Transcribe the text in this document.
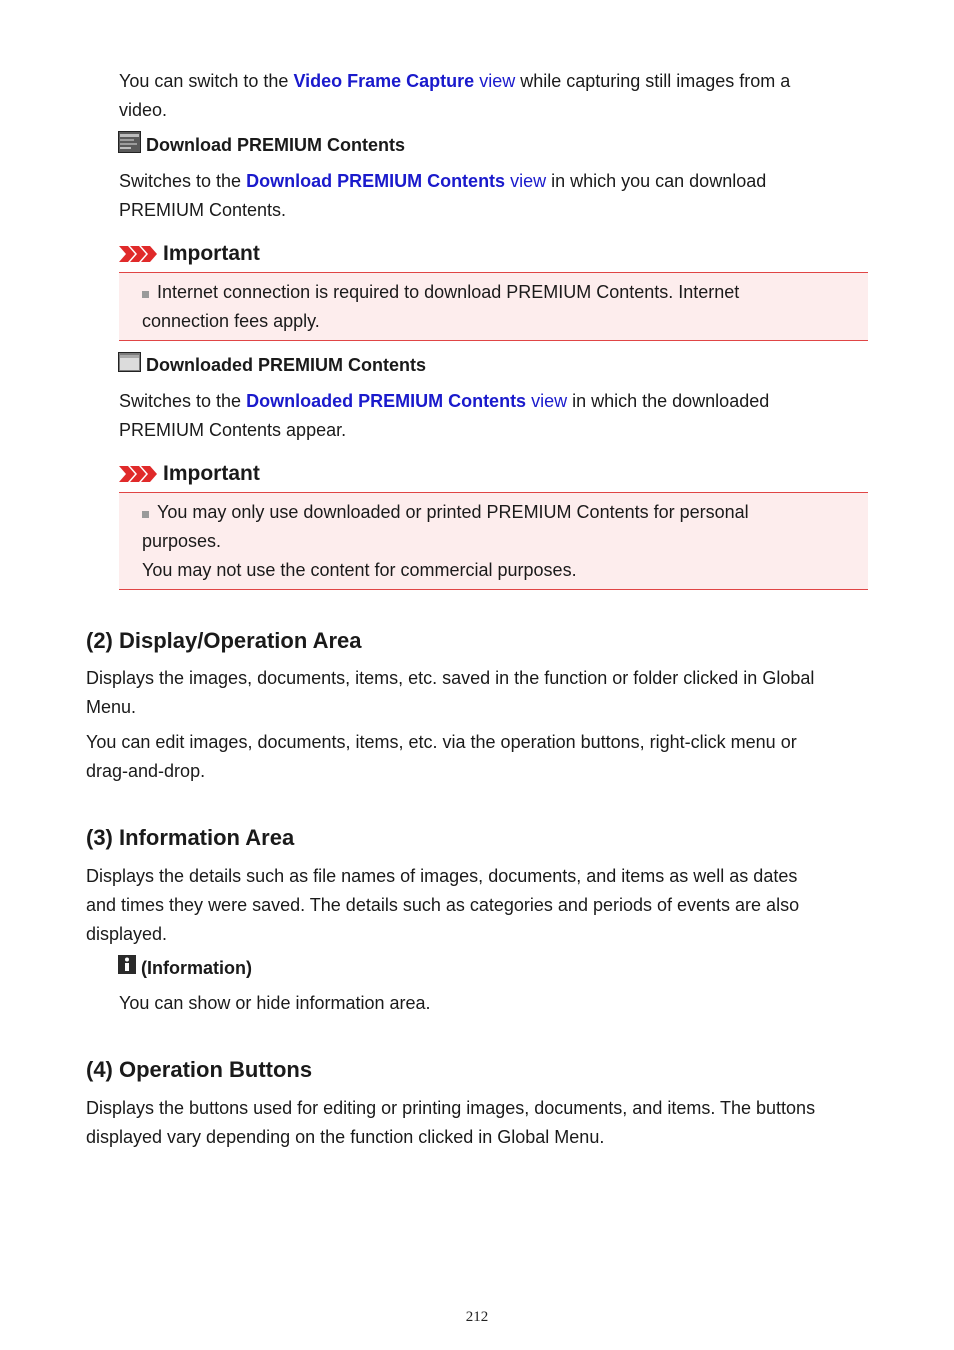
You can switch to the Video Frame Capture view while capturing still images from a

video.

Download PREMIUM Contents

Switches to the Download PREMIUM Contents view in which you can download

PREMIUM Contents.

Important
Internet connection is required to download PREMIUM Contents. Internet

connection fees apply.

Downloaded PREMIUM Contents

Switches to the Downloaded PREMIUM Contents view in which the downloaded

PREMIUM Contents appear.

Important
You may only use downloaded or printed PREMIUM Contents for personal

purposes.

You may not use the content for commercial purposes.

(2) Display/Operation Area

Displays the images, documents, items, etc. saved in the function or folder clicked in Global

Menu.

You can edit images, documents, items, etc. via the operation buttons, right-click menu or

drag-and-drop.

(3) Information Area

Displays the details such as file names of images, documents, and items as well as dates

and times they were saved. The details such as categories and periods of events are also

displayed.

(Information)

You can show or hide information area.

(4) Operation Buttons

Displays the buttons used for editing or printing images, documents, and items. The buttons

displayed vary depending on the function clicked in Global Menu.

212
